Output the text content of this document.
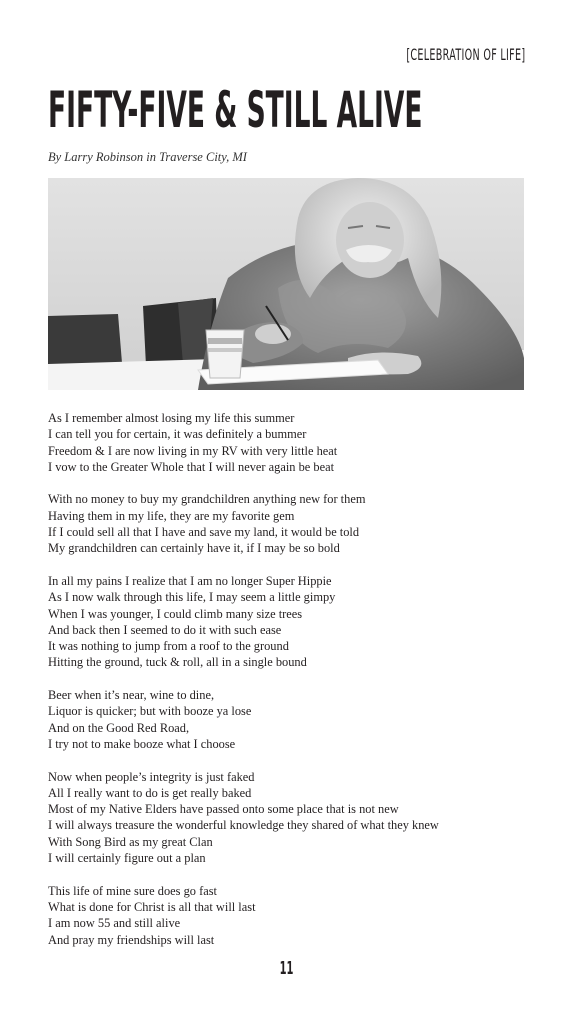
[CELEBRATION OF LIFE]
FIFTY-FIVE & STILL ALIVE
By Larry Robinson in Traverse City, MI
As I remember almost losing my life this summer
I can tell you for certain, it was definitely a bummer
Freedom & I are now living in my RV with very little heat
I vow to the Greater Whole that I will never again be beat
With no money to buy my grandchildren anything new for them
Having them in my life, they are my favorite gem
If I could sell all that I have and save my land, it would be told
My grandchildren can certainly have it, if I may be so bold
In all my pains I realize that I am no longer Super Hippie
As I now walk through this life, I may seem a little gimpy
When I was younger, I could climb many size trees
And back then I seemed to do it with such ease
It was nothing to jump from a roof to the ground
Hitting the ground, tuck & roll, all in a single bound
Beer when it’s near, wine to dine,
Liquor is quicker; but with booze ya lose
And on the Good Red Road,
I try not to make booze what I choose
Now when people’s integrity is just faked
All I really want to do is get really baked
Most of my Native Elders have passed onto some place that is not new
I will always treasure the wonderful knowledge they shared of what they knew
With Song Bird as my great Clan
I will certainly figure out a plan
This life of mine sure does go fast
What is done for Christ is all that will last
I am now 55 and still alive
And pray my friendships will last
11
